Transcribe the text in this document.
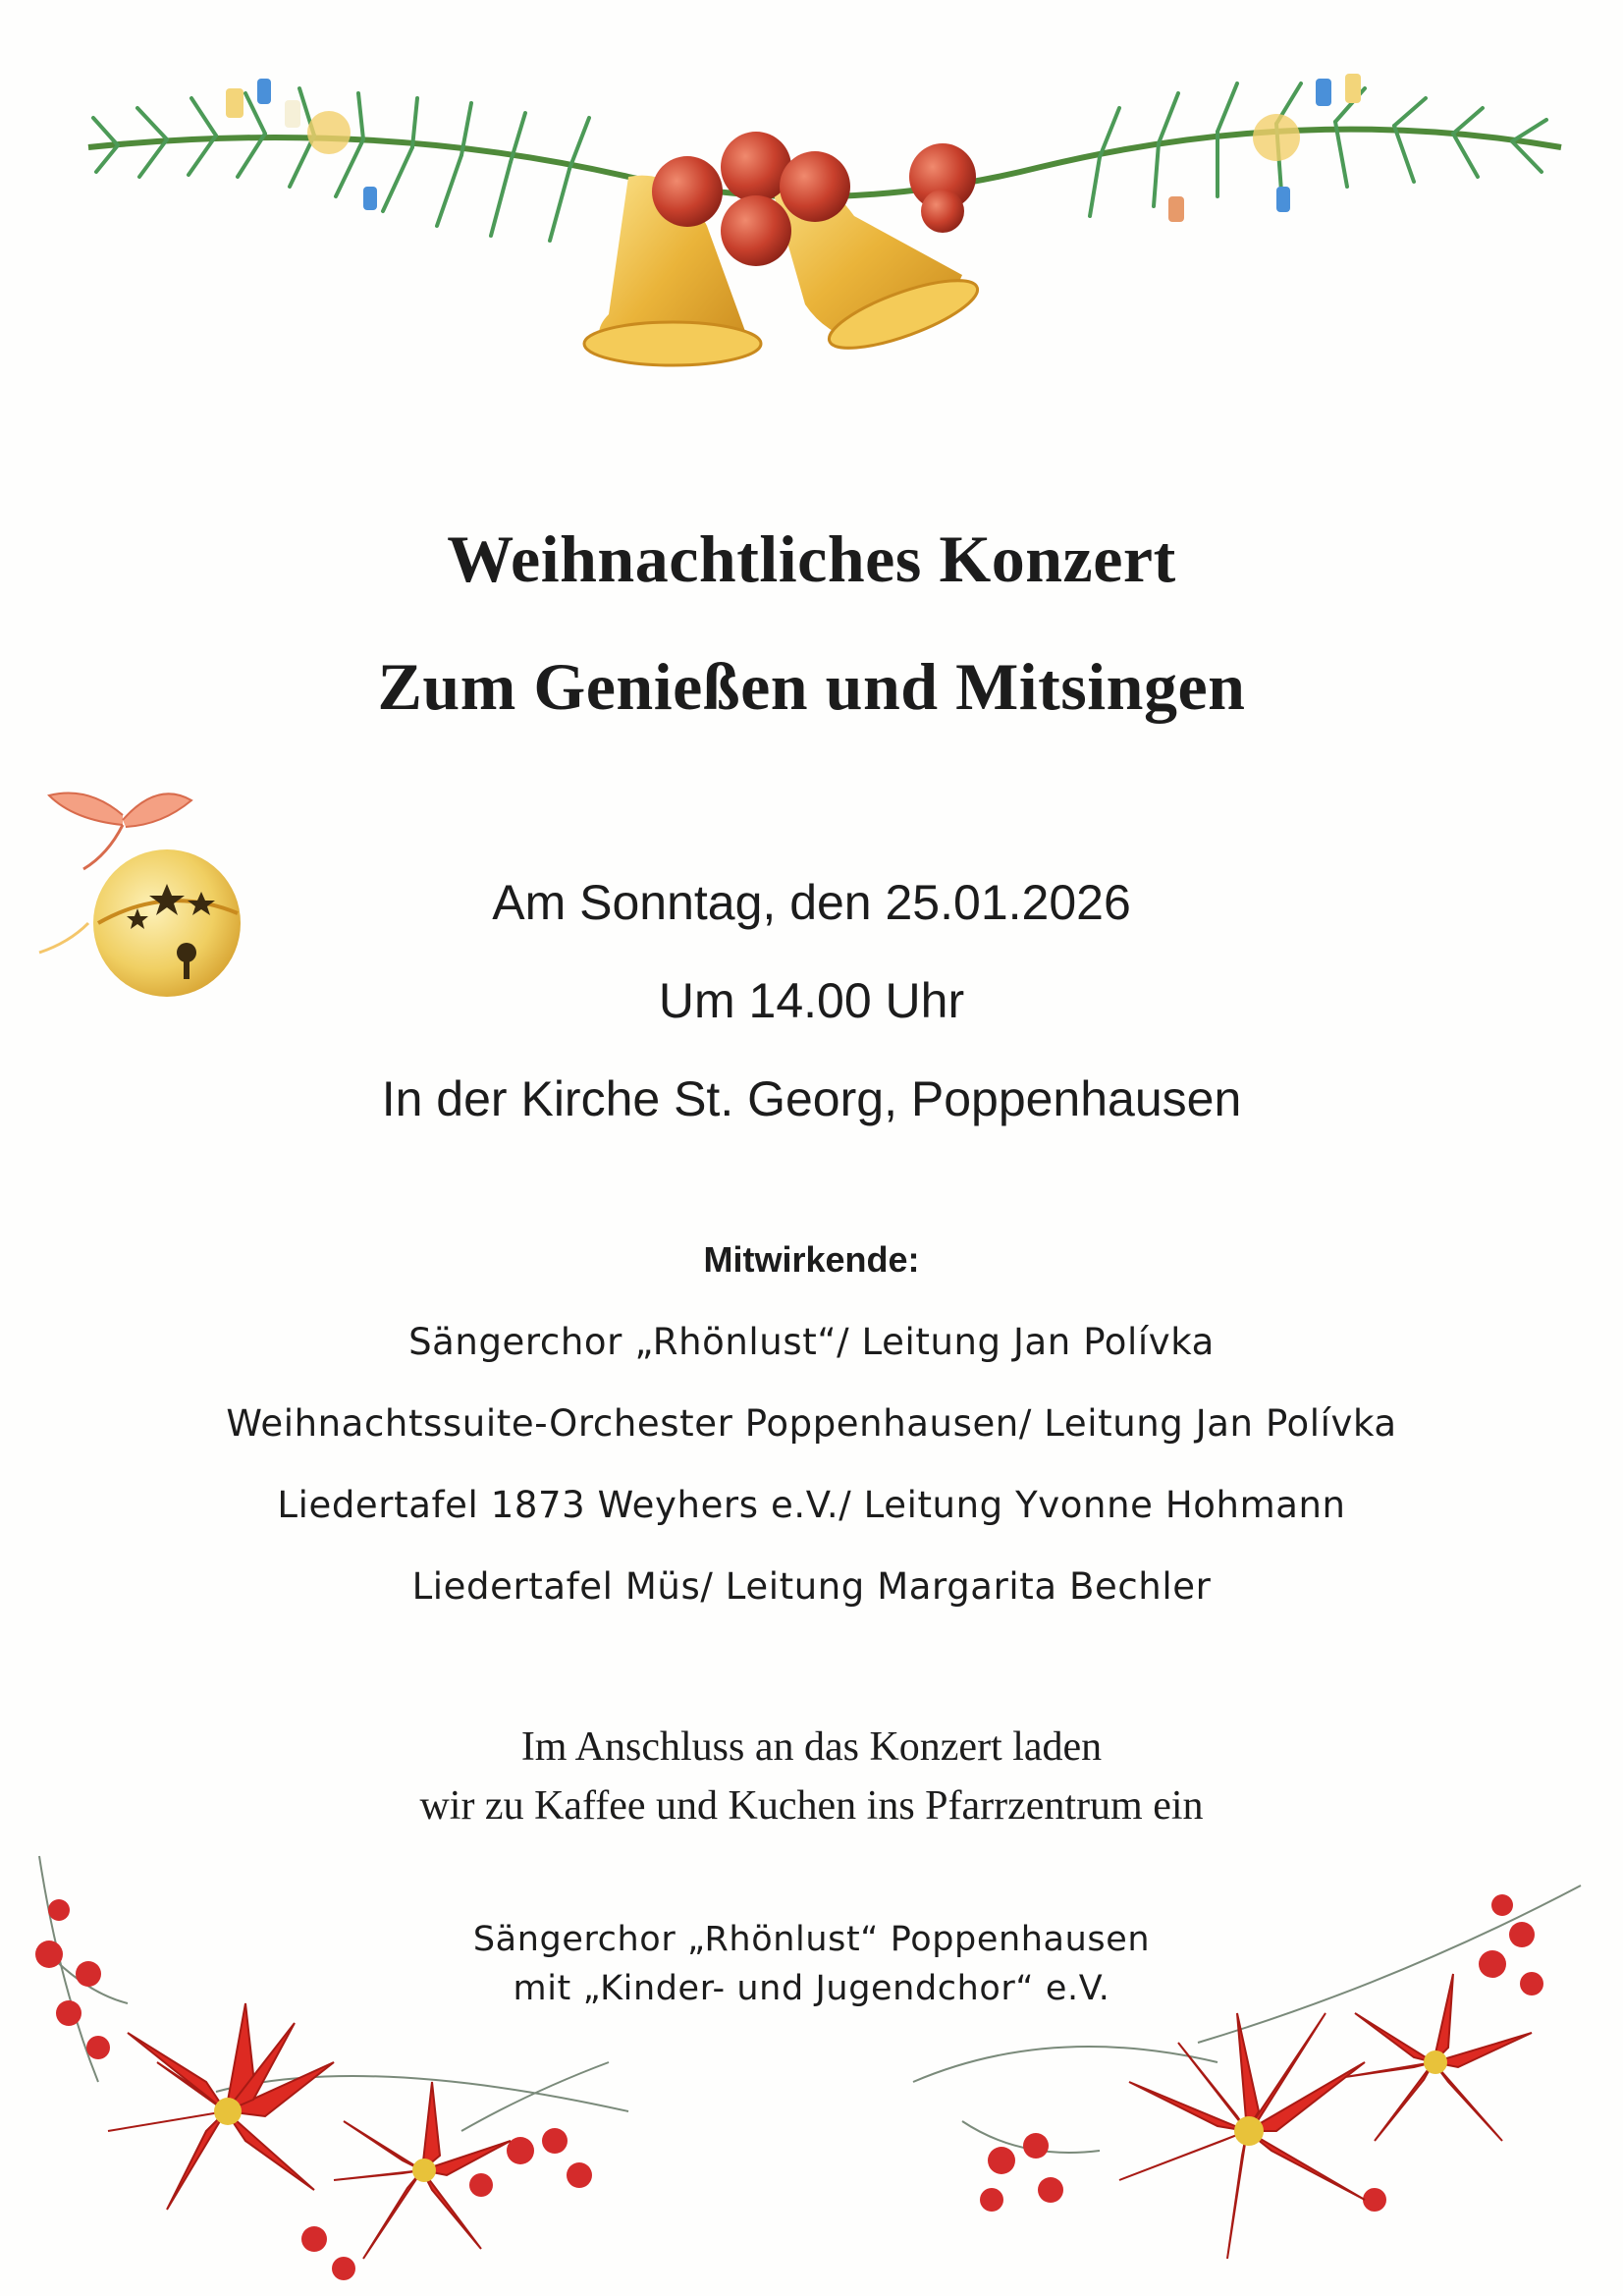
Weihnachtliches Konzert
Zum Genießen und Mitsingen
Am Sonntag, den 25.01.2026
Um 14.00 Uhr
In der Kirche St. Georg, Poppenhausen
Mitwirkende:
Sängerchor „Rhönlust“/ Leitung Jan Polívka
Weihnachtssuite-Orchester Poppenhausen/ Leitung Jan Polívka
Liedertafel 1873 Weyhers e.V./ Leitung Yvonne Hohmann
Liedertafel Müs/ Leitung Margarita Bechler
Im Anschluss an das Konzert laden
wir zu Kaffee und Kuchen ins Pfarrzentrum ein
Sängerchor „Rhönlust“ Poppenhausen
mit „Kinder- und Jugendchor“ e.V.
